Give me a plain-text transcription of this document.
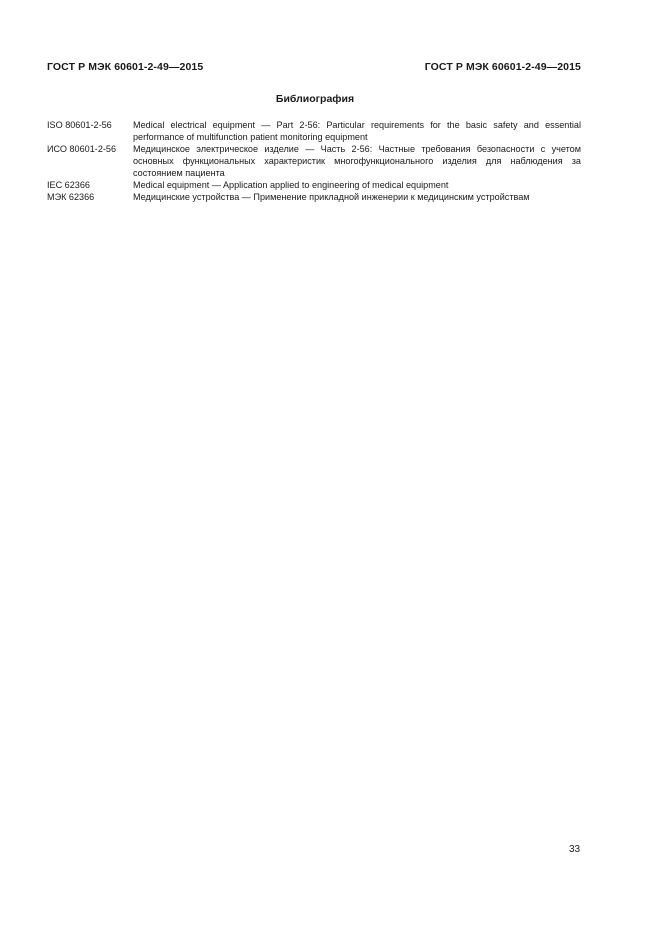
ГОСТ Р МЭК 60601-2-49—2015	ГОСТ Р МЭК 60601-2-49—2015
Библиография
ISO 80601-2-56	Medical electrical equipment — Part 2-56: Particular requirements for the basic safety and essential performance of multifunction patient monitoring equipment
ИСО 80601-2-56	Медицинское электрическое изделие — Часть 2-56: Частные требования безопасности с учетом основных функциональных характеристик многофункционального изделия для наблюдения за состоянием пациента
IEC 62366	Medical equipment — Application applied to engineering of medical equipment
МЭК 62366	Медицинские устройства — Применение прикладной инженерии к медицинским устройствам
33
